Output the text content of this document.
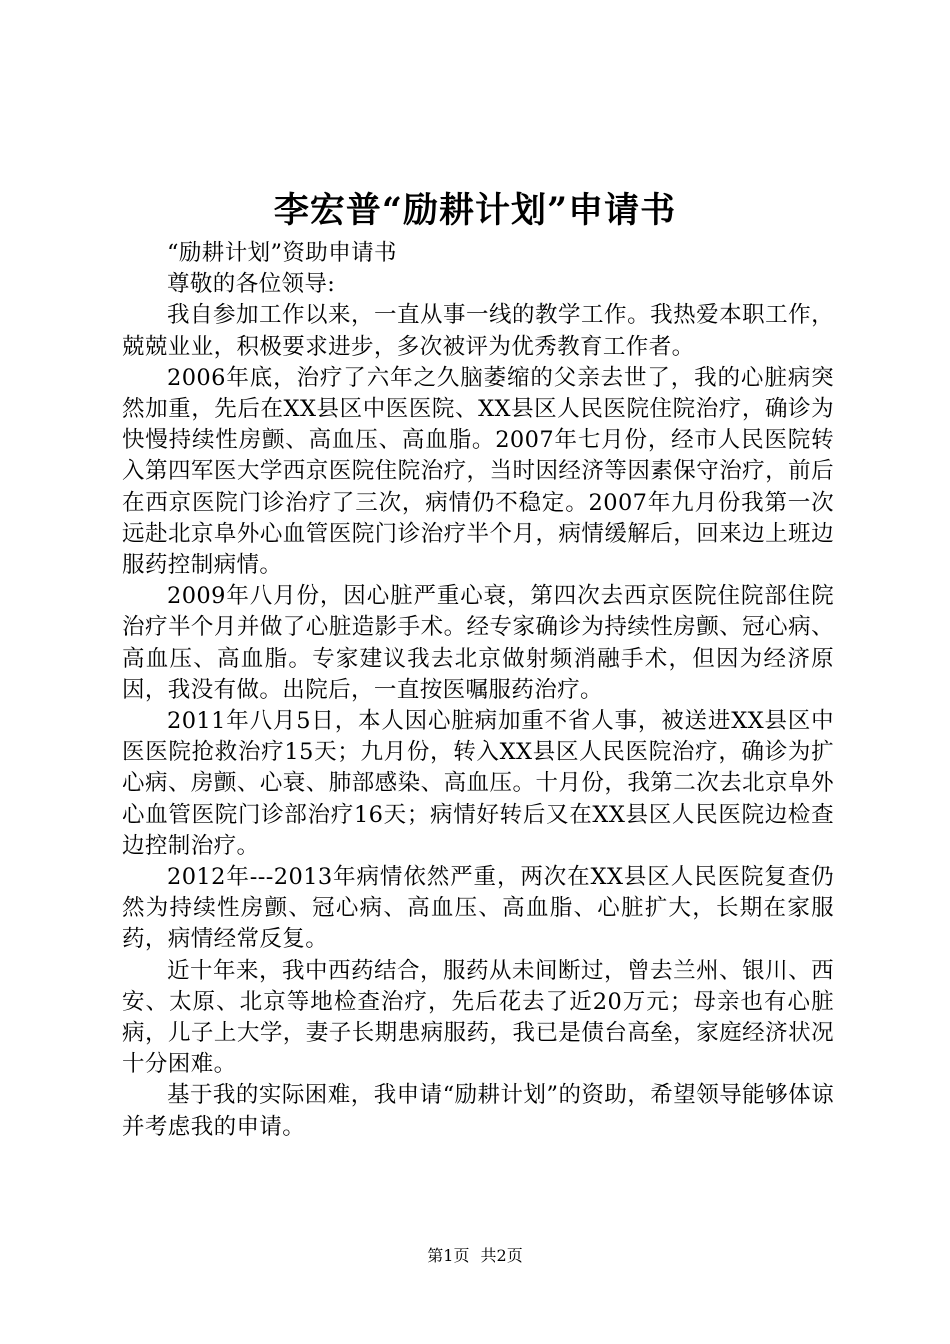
李宏普“励耕计划”申请书

“励耕计划”资助申请书

尊敬的各位领导:

我自参加工作以来，一直从事一线的教学工作。我热爱本职工作，兢兢业业，积极要求进步，多次被评为优秀教育工作者。

2006年底，治疗了六年之久脑萎缩的父亲去世了，我的心脏病突然加重，先后在XX县区中医医院、XX县区人民医院住院治疗，确诊为快慢持续性房颤、高血压、高血脂。2007年七月份，经市人民医院转入第四军医大学西京医院住院治疗，当时因经济等因素保守治疗，前后在西京医院门诊治疗了三次，病情仍不稳定。2007年九月份我第一次远赴北京阜外心血管医院门诊治疗半个月，病情缓解后，回来边上班边服药控制病情。

2009年八月份，因心脏严重心衰，第四次去西京医院住院部住院治疗半个月并做了心脏造影手术。经专家确诊为持续性房颤、冠心病、高血压、高血脂。专家建议我去北京做射频消融手术，但因为经济原因，我没有做。出院后，一直按医嘱服药治疗。

2011年八月5日，本人因心脏病加重不省人事，被送进XX县区中医医院抢救治疗15天；九月份，转入XX县区人民医院治疗，确诊为扩心病、房颤、心衰、肺部感染、高血压。十月份，我第二次去北京阜外心血管医院门诊部治疗16天；病情好转后又在XX县区人民医院边检查边控制治疗。

2012年---2013年病情依然严重，两次在XX县区人民医院复查仍然为持续性房颤、冠心病、高血压、高血脂、心脏扩大，长期在家服药，病情经常反复。

近十年来，我中西药结合，服药从未间断过，曾去兰州、银川、西安、太原、北京等地检查治疗，先后花去了近20万元；母亲也有心脏病，儿子上大学，妻子长期患病服药，我已是债台高垒，家庭经济状况十分困难。

基于我的实际困难，我申请“励耕计划”的资助，希望领导能够体谅并考虑我的申请。

第1页 共2页
